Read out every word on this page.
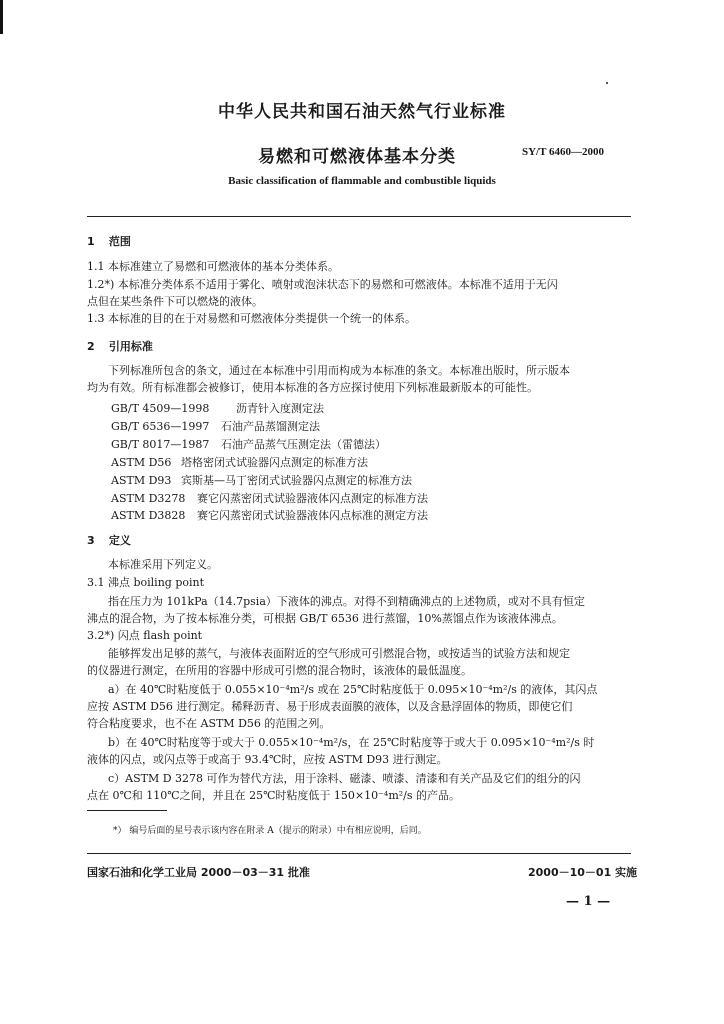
中华人民共和国石油天然气行业标准
易燃和可燃液体基本分类	SY/T 6460—2000
Basic classification of flammable and combustible liquids
1 范围
1.1 本标准建立了易燃和可燃液体的基本分类体系。
1.2*) 本标准分类体系不适用于雾化、喷射或泡沫状态下的易燃和可燃液体。本标准不适用于无闪
点但在某些条件下可以燃烧的液体。
1.3 本标准的目的在于对易燃和可燃液体分类提供一个统一的体系。
2 引用标准
下列标准所包含的条文，通过在本标准中引用而构成为本标准的条文。本标准出版时，所示版本
均为有效。所有标准都会被修订，使用本标准的各方应探讨使用下列标准最新版本的可能性。
GB/T 4509—1998 沥青针入度测定法
GB/T 6536—1997 石油产品蒸馏测定法
GB/T 8017—1987 石油产品蒸气压测定法（雷德法）
ASTM D56 塔格密闭式试验器闪点测定的标准方法
ASTM D93 宾斯基—马丁密闭式试验器闪点测定的标准方法
ASTM D3278 赛它闪蒸密闭式试验器液体闪点测定的标准方法
ASTM D3828 赛它闪蒸密闭式试验器液体闪点标准的测定方法
3 定义
本标准采用下列定义。
3.1 沸点 boiling point
指在压力为 101kPa（14.7psia）下液体的沸点。对得不到精确沸点的上述物质，或对不具有恒定
沸点的混合物，为了按本标准分类，可根据 GB/T 6536 进行蒸馏，10%蒸馏点作为该液体沸点。
3.2*) 闪点 flash point
能够挥发出足够的蒸气，与液体表面附近的空气形成可引燃混合物，或按适当的试验方法和规定
的仪器进行测定，在所用的容器中形成可引燃的混合物时，该液体的最低温度。
a）在 40℃时粘度低于 0.055×10⁻⁴m²/s 或在 25℃时粘度低于 0.095×10⁻⁴m²/s 的液体，其闪点
应按 ASTM D56 进行测定。稀释沥青、易于形成表面膜的液体，以及含悬浮固体的物质，即使它们
符合粘度要求，也不在 ASTM D56 的范围之列。
b）在 40℃时粘度等于或大于 0.055×10⁻⁴m²/s，在 25℃时粘度等于或大于 0.095×10⁻⁴m²/s 时
液体的闪点，或闪点等于或高于 93.4℃时，应按 ASTM D93 进行测定。
c）ASTM D 3278 可作为替代方法，用于涂料、磁漆、喷漆、清漆和有关产品及它们的组分的闪
点在 0℃和 110℃之间，并且在 25℃时粘度低于 150×10⁻⁴m²/s 的产品。
*） 编号后面的星号表示该内容在附录 A（提示的附录）中有相应说明，后同。
国家石油和化学工业局 2000－03－31 批准	2000－10－01 实施
— 1 —
